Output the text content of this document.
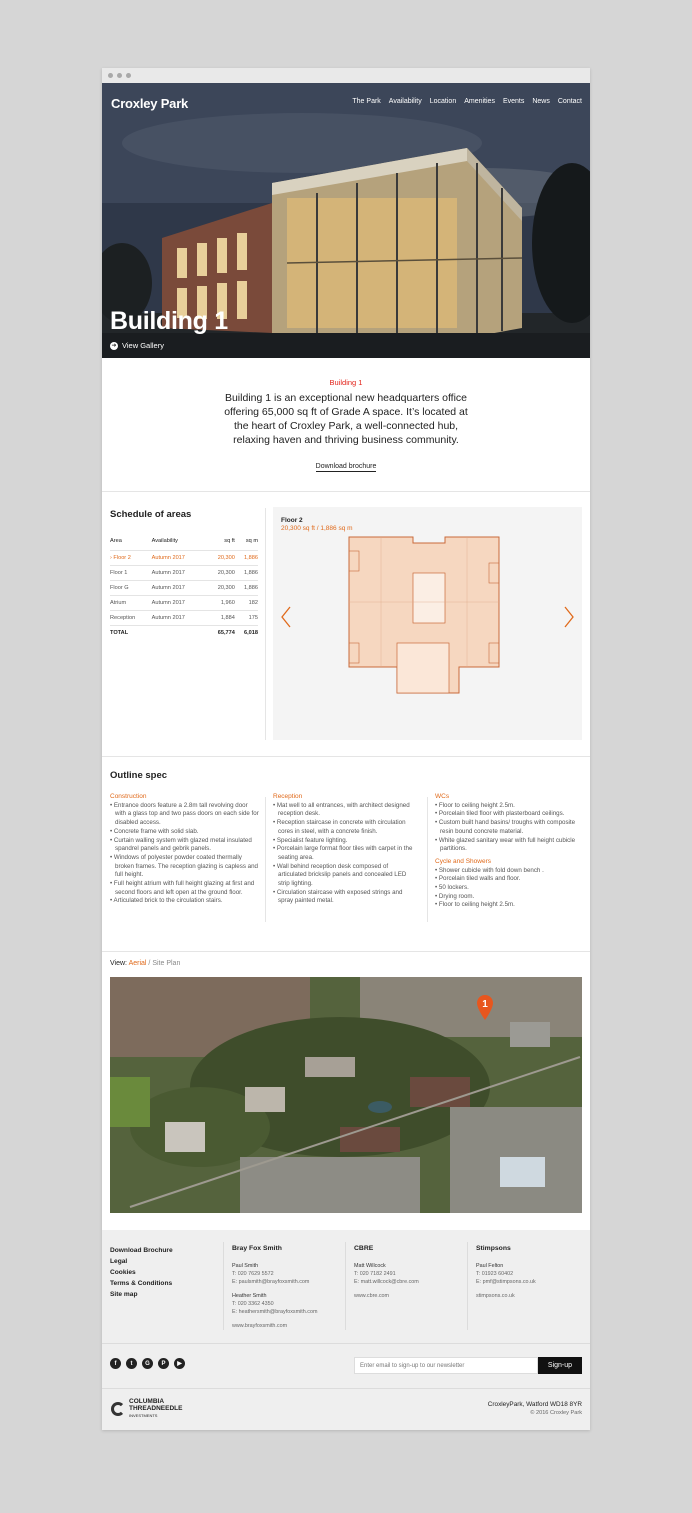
Croxley Park	The Park Availability Location Amenities Events News Contact
Building 1
➜ View Gallery
Building 1
Building 1 is an exceptional new headquarters office offering 65,000 sq ft of Grade A space. It’s located at the heart of Croxley Park, a well-connected hub, relaxing haven and thriving business community.
Download brochure
Schedule of areas
Area	Availability	sq ft	sq m
› Floor 2	Autumn 2017	20,300	1,886
Floor 1	Autumn 2017	20,300	1,886
Floor G	Autumn 2017	20,300	1,886
Atrium	Autumn 2017	1,960	182
Reception	Autumn 2017	1,884	175
TOTAL		65,774	6,018
Floor 2
20,300 sq ft / 1,886 sq m
Outline spec
Construction
• Entrance doors feature a 2.8m tall revolving door with a glass top and two pass doors on each side for disabled access.
• Concrete frame with solid slab.
• Curtain walling system with glazed metal insulated spandrel panels and gebrik panels.
• Windows of polyester powder coated thermally broken frames. The reception glazing is capless and full height.
• Full height atrium with full height glazing at first and second floors and left open at the ground floor.
• Articulated brick to the circulation stairs.
Reception
• Mat well to all entrances, with architect designed reception desk.
• Reception staircase in concrete with circulation cores in steel, with a concrete finish.
• Specialist feature lighting.
• Porcelain large format floor tiles with carpet in the seating area.
• Wall behind reception desk composed of articulated brickslip panels and concealed LED strip lighting.
• Circulation staircase with exposed strings and spray painted metal.
WCs
• Floor to ceiling height 2.5m.
• Porcelain tiled floor with plasterboard ceilings.
• Custom built hand basins/ troughs with composite resin bound concrete material.
• White glazed sanitary wear with full height cubicle partitions.
Cycle and Showers
• Shower cubicle with fold down bench .
• Porcelain tiled walls and floor.
• 50 lockers.
• Drying room.
• Floor to ceiling height 2.5m.
View: Aerial / Site Plan
1
Download Brochure
Legal
Cookies
Terms & Conditions
Site map
Bray Fox Smith
Paul Smith
T: 020 7629 5572
E: paulsmith@brayfoxsmith.com
Heather Smith
T: 020 3362 4350
E: heathersmith@brayfoxsmith.com
www.brayfoxsmith.com
CBRE
Matt Willcock
T: 020 7182 2491
E: matt.willcock@cbre.com
www.cbre.com
Stimpsons
Paul Felton
T: 01923 60402
E: pmf@stimpsons.co.uk
stimpsons.co.uk
f	t	G	P	▶	Enter email to sign-up to our newsletter	Sign-up
COLUMBIA
THREADNEEDLE
INVESTMENTS
CroxleyPark, Watford WD18 8YR
© 2016 Croxley Park
